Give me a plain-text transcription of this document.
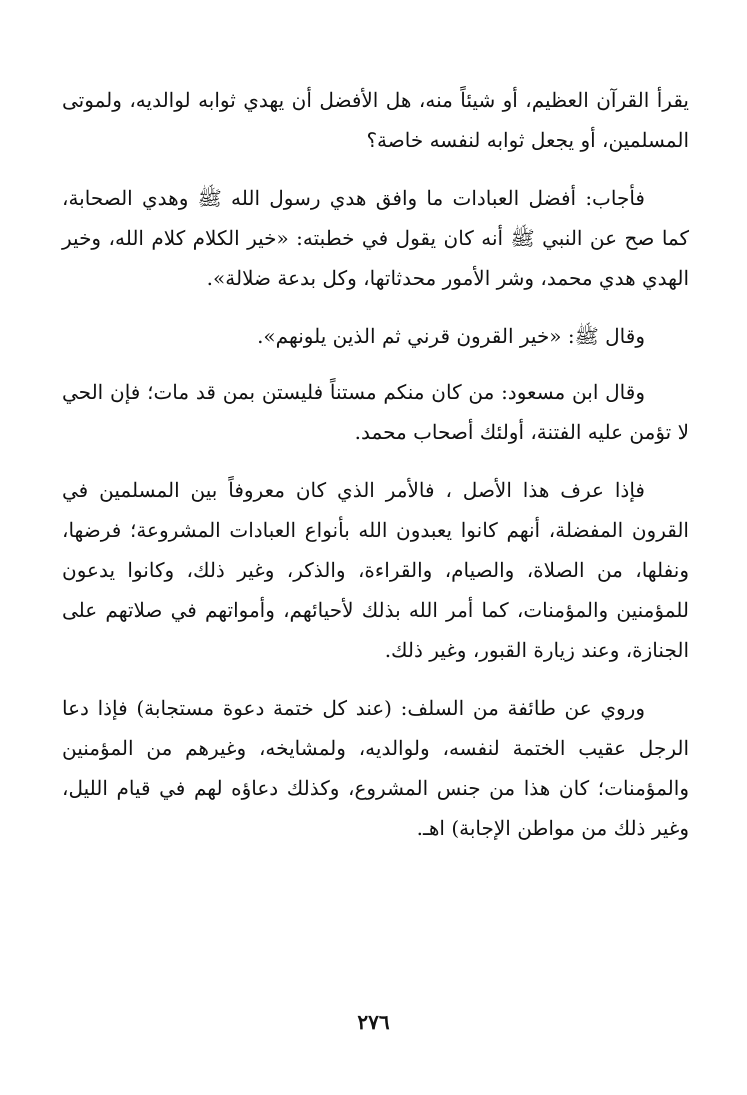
يقرأ القرآن العظيم، أو شيئاً منه، هل الأفضل أن يهدي ثوابه لوالديه، ولموتى المسلمين، أو يجعل ثوابه لنفسه خاصة؟

فأجاب: أفضل العبادات ما وافق هدي رسول الله ﷺ وهدي الصحابة، كما صح عن النبي ﷺ أنه كان يقول في خطبته: «خير الكلام كلام الله، وخير الهدي هدي محمد، وشر الأمور محدثاتها، وكل بدعة ضلالة».

وقال ﷺ: «خير القرون قرني ثم الذين يلونهم».

وقال ابن مسعود: من كان منكم مستناً فليستن بمن قد مات؛ فإن الحي لا تؤمن عليه الفتنة، أولئك أصحاب محمد.

فإذا عرف هذا الأصل ، فالأمر الذي كان معروفاً بين المسلمين في القرون المفضلة، أنهم كانوا يعبدون الله بأنواع العبادات المشروعة؛ فرضها، ونفلها، من الصلاة، والصيام، والقراءة، والذكر، وغير ذلك، وكانوا يدعون للمؤمنين والمؤمنات، كما أمر الله بذلك لأحيائهم، وأمواتهم في صلاتهم على الجنازة، وعند زيارة القبور، وغير ذلك.

وروي عن طائفة من السلف: (عند كل ختمة دعوة مستجابة) فإذا دعا الرجل عقيب الختمة لنفسه، ولوالديه، ولمشايخه، وغيرهم من المؤمنين والمؤمنات؛ كان هذا من جنس المشروع، وكذلك دعاؤه لهم في قيام الليل، وغير ذلك من مواطن الإجابة) اهـ.

٢٧٦
